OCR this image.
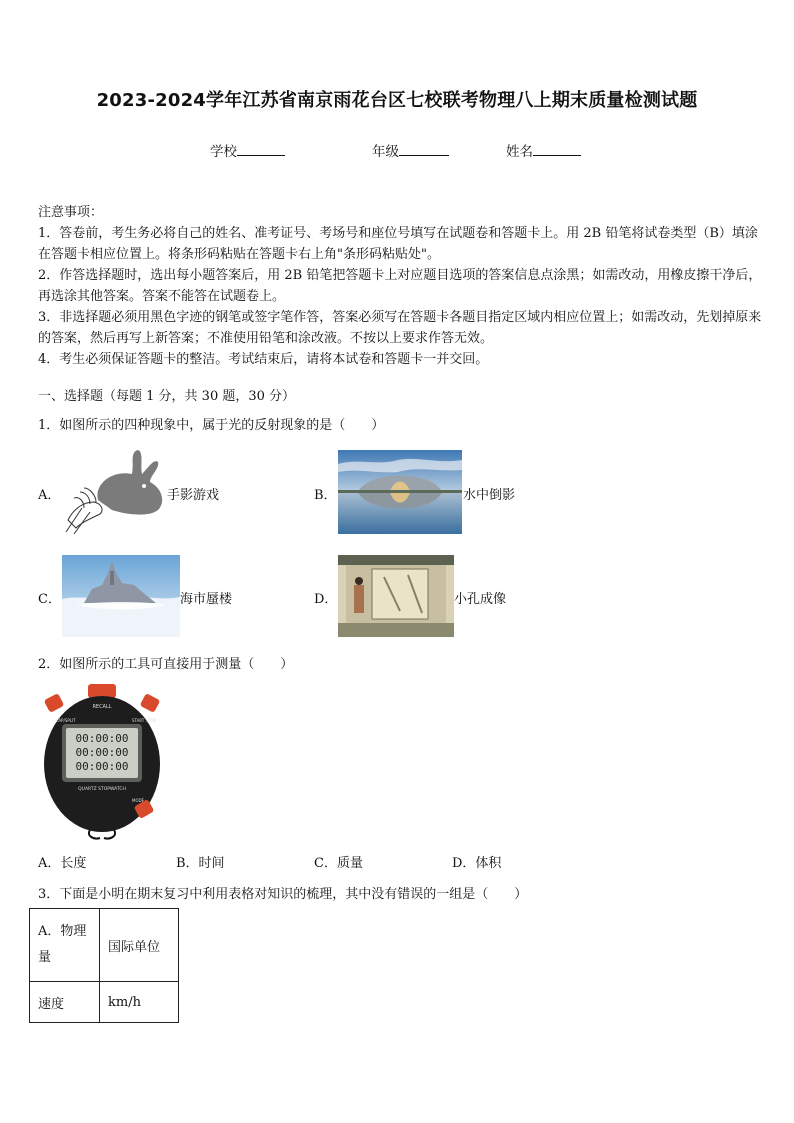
2023-2024学年江苏省南京雨花台区七校联考物理八上期末质量检测试题
学校	年级	姓名

注意事项：

1．答卷前，考生务必将自己的姓名、准考证号、考场号和座位号填写在试题卷和答题卡上。用 2B 铅笔将试卷类型（B）填涂在答题卡相应位置上。将条形码粘贴在答题卡右上角"条形码粘贴处"。

2．作答选择题时，选出每小题答案后，用 2B 铅笔把答题卡上对应题目选项的答案信息点涂黑；如需改动，用橡皮擦干净后，再选涂其他答案。答案不能答在试题卷上。

3．非选择题必须用黑色字迹的钢笔或签字笔作答，答案必须写在答题卡各题目指定区域内相应位置上；如需改动，先划掉原来的答案，然后再写上新答案；不准使用铅笔和涂改液。不按以上要求作答无效。

4．考生必须保证答题卡的整洁。考试结束后，请将本试卷和答题卡一并交回。

一、选择题（每题 1 分，共 30 题，30 分）
1．如图所示的四种现象中，属于光的反射现象的是（　　）
A．	手影游戏	B．	水中倒影
C．	海市蜃楼	D．	小孔成像
2．如图所示的工具可直接用于测量（　　）
RECALL
LAP/SPLIT	START STOP
00:00:00
00:00:00
00:00:00
QUARTZ STOPWATCH
MODE
A．长度	B．时间	C．质量	D．体积
3．下面是小明在期末复习中利用表格对知识的梳理，其中没有错误的一组是（　　）
A．物理量	国际单位
速度	km/h
